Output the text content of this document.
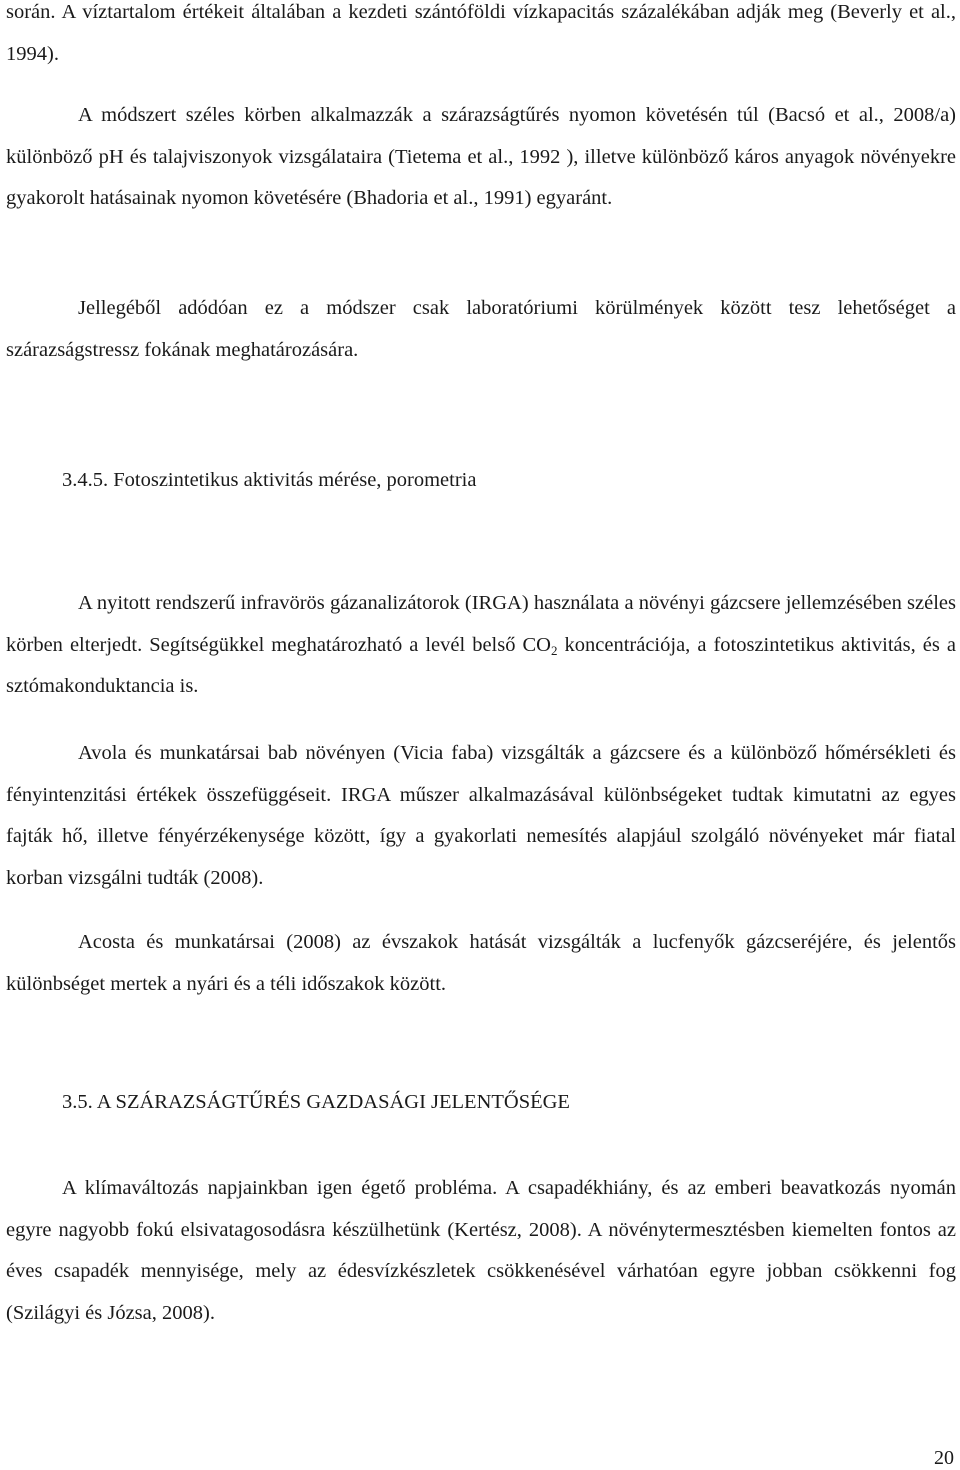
során. A víztartalom értékeit általában a kezdeti szántóföldi vízkapacitás százalékában adják meg (Beverly et al., 1994).

A módszert széles körben alkalmazzák a szárazságtűrés nyomon követésén túl (Bacsó et al., 2008/a) különböző pH és talajviszonyok vizsgálataira (Tietema et al., 1992 ), illetve különböző káros anyagok növényekre gyakorolt hatásainak nyomon követésére (Bhadoria et al., 1991) egyaránt.

Jellegéből adódóan ez a módszer csak laboratóriumi körülmények között tesz lehetőséget a szárazságstressz fokának meghatározására.

3.4.5. Fotoszintetikus aktivitás mérése, porometria

A nyitott rendszerű infravörös gázanalizátorok (IRGA) használata a növényi gázcsere jellemzésében széles körben elterjedt. Segítségükkel meghatározható a levél belső $CO_2$ koncentrációja, a fotoszintetikus aktivitás, és a sztómakonduktancia is.

Avola és munkatársai bab növényen (Vicia faba) vizsgálták a gázcsere és a különböző hőmérsékleti és fényintenzitási értékek összefüggéseit. IRGA műszer alkalmazásával különbségeket tudtak kimutatni az egyes fajták hő, illetve fényérzékenysége között, így a gyakorlati nemesítés alapjául szolgáló növényeket már fiatal korban vizsgálni tudták (2008).

Acosta és munkatársai (2008) az évszakok hatását vizsgálták a lucfenyők gázcseréjére, és jelentős különbséget mertek a nyári és a téli időszakok között.

3.5. A SZÁRAZSÁGTŰRÉS GAZDASÁGI JELENTŐSÉGE

A klímaváltozás napjainkban igen égető probléma. A csapadékhiány, és az emberi beavatkozás nyomán egyre nagyobb fokú elsivatagosodásra készülhetünk (Kertész, 2008). A növénytermesztésben kiemelten fontos az éves csapadék mennyisége, mely az édesvízkészletek csökkenésével várhatóan egyre jobban csökkenni fog (Szilágyi és Józsa, 2008).

20
